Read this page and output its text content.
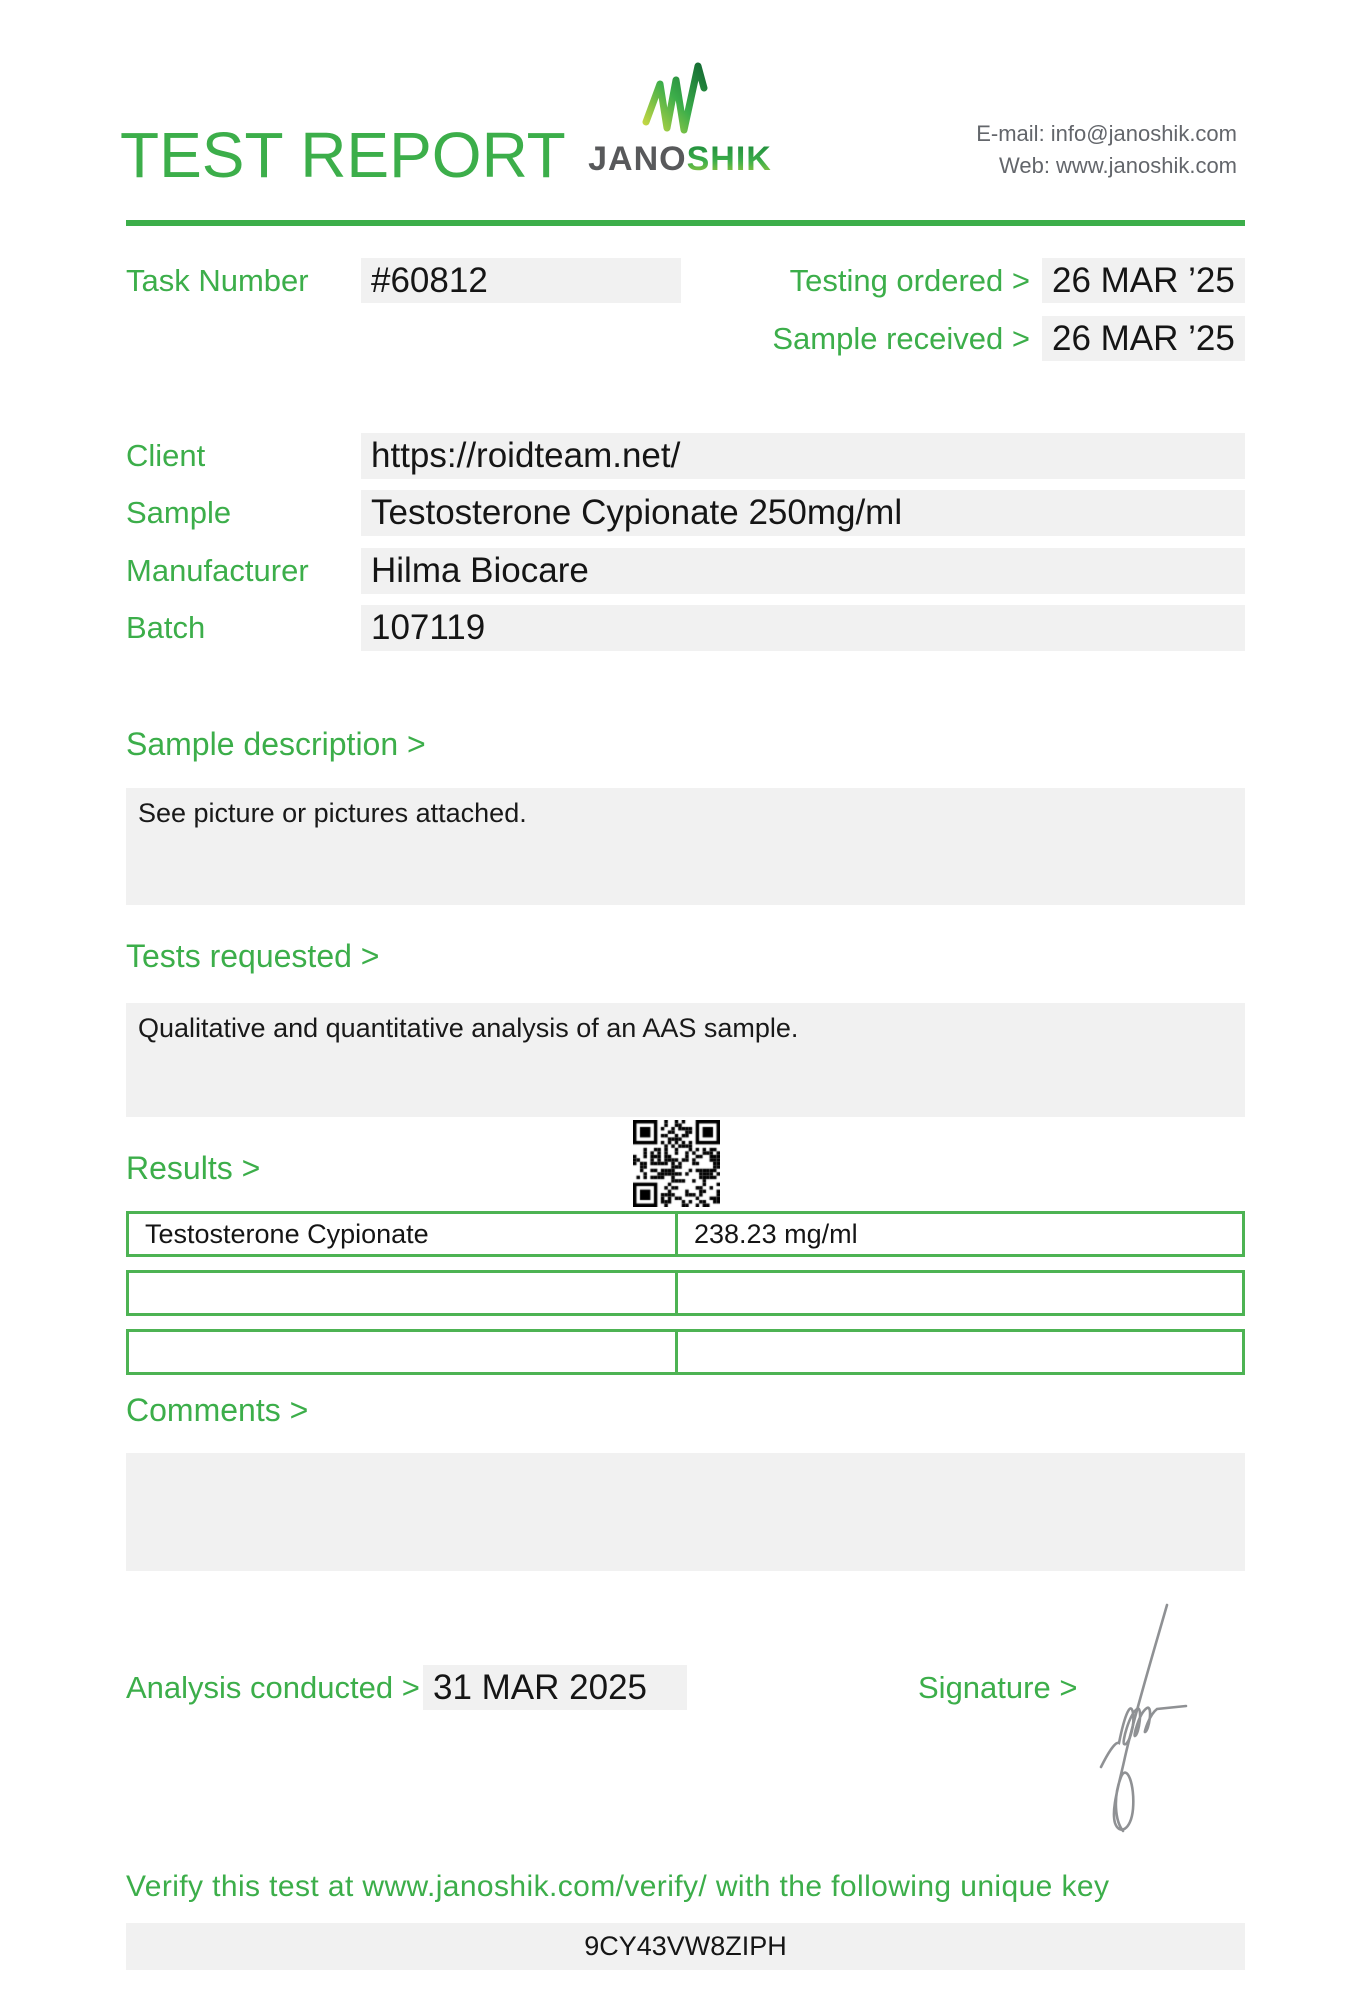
TEST REPORT JANOSHIK
E-mail: info@janoshik.com
Web: www.janoshik.com
Task Number #60812	Testing ordered > 26 MAR ’25
Sample received > 26 MAR ’25
Client	https://roidteam.net/
Sample	Testosterone Cypionate 250mg/ml
Manufacturer Hilma Biocare
Batch	107119
Sample description >
See picture or pictures attached.
Tests requested >
Qualitative and quantitative analysis of an AAS sample.
Results >
Testosterone Cypionate	238.23 mg/ml
Comments >
Analysis conducted > 31 MAR 2025	Signature >
Verify this test at www.janoshik.com/verify/ with the following unique key
9CY43VW8ZIPH
